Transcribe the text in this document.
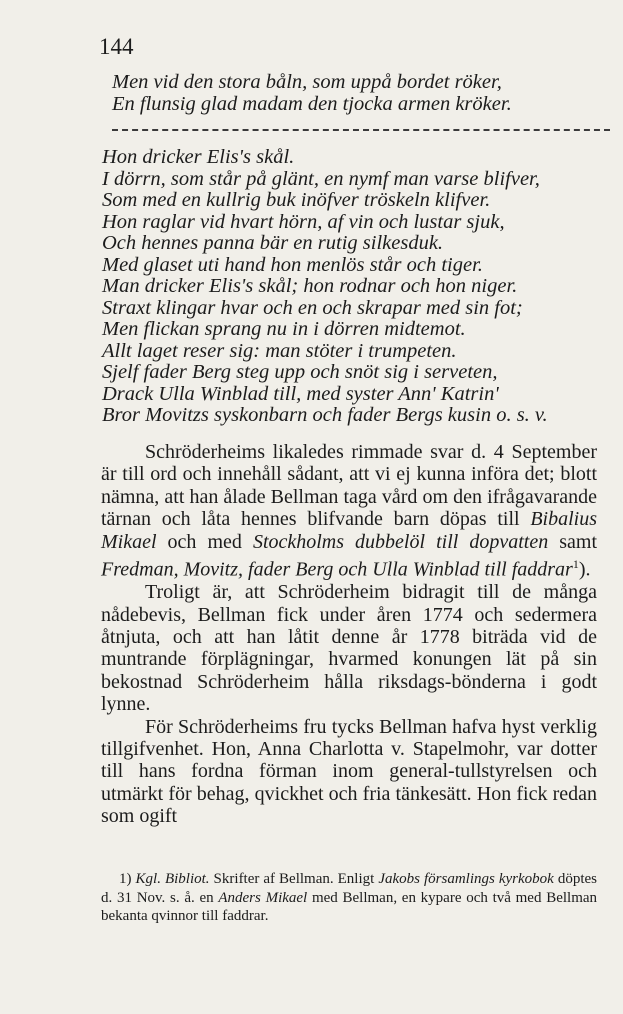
144
Men vid den stora båln, som uppå bordet röker,
En flunsig glad madam den tjocka armen kröker.
Hon dricker Elis's skål.
I dörrn, som står på glänt, en nymf man varse blifver,
Som med en kullrig buk inöfver tröskeln klifver.
Hon raglar vid hvart hörn, af vin och lustar sjuk,
Och hennes panna bär en rutig silkesduk.
Med glaset uti hand hon menlös står och tiger.
Man dricker Elis's skål; hon rodnar och hon niger.
Straxt klingar hvar och en och skrapar med sin fot;
Men flickan sprang nu in i dörren midtemot.
Allt laget reser sig: man stöter i trumpeten.
Sjelf fader Berg steg upp och snöt sig i serveten,
Drack Ulla Winblad till, med syster Ann' Katrin'
Bror Movitzs syskonbarn och fader Bergs kusin o. s. v.

Schröderheims likaledes rimmade svar d. 4 September är till ord och innehåll sådant, att vi ej kunna införa det; blott nämna, att han ålade Bellman taga vård om den ifrågavarande tärnan och låta hennes blifvande barn döpas till Bibalius Mikael och med Stockholms dubbelöl till dopvatten samt Fredman, Movitz, fader Berg och Ulla Winblad till faddrar$^1$).

Troligt är, att Schröderheim bidragit till de många nådebevis, Bellman fick under åren 1774 och sedermera åtnjuta, och att han låtit denne år 1778 biträda vid de muntrande förplägningar, hvarmed konungen lät på sin bekostnad Schröderheim hålla riksdags-bönderna i godt lynne.

För Schröderheims fru tycks Bellman hafva hyst verklig tillgifvenhet. Hon, Anna Charlotta v. Stapelmohr, var dotter till hans fordna förman inom general-tullstyrelsen och utmärkt för behag, qvickhet och fria tänkesätt. Hon fick redan som ogift

1) Kgl. Bibliot. Skrifter af Bellman. Enligt Jakobs församlings kyrkobok döptes d. 31 Nov. s. å. en Anders Mikael med Bellman, en kypare och två med Bellman bekanta qvinnor till faddrar.
